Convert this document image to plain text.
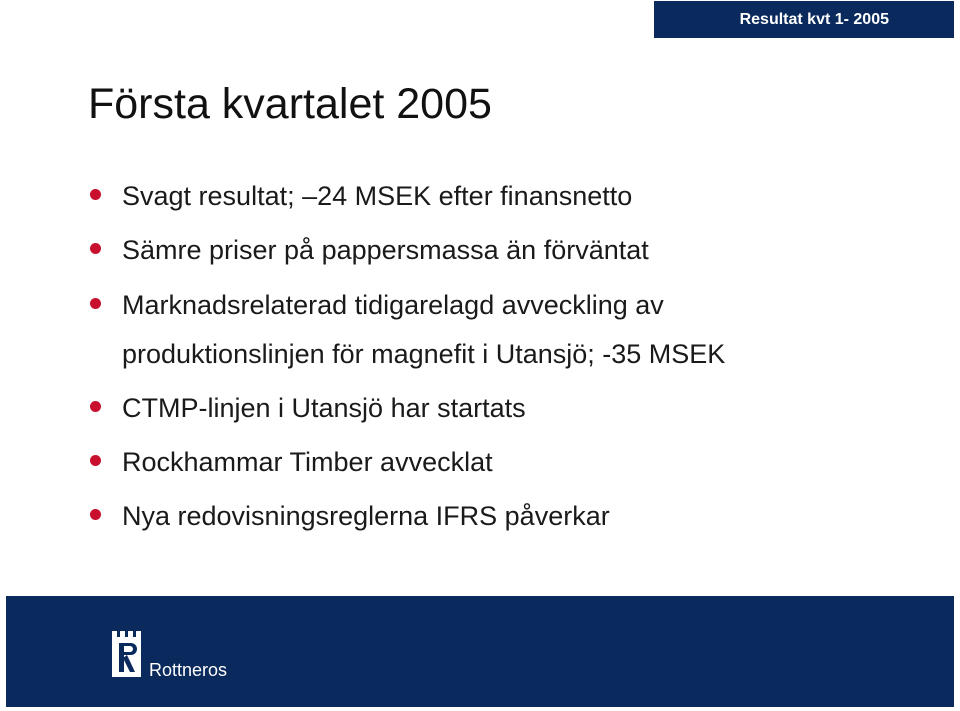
Resultat kvt 1- 2005
Första kvartalet 2005
Svagt resultat; –24 MSEK efter finansnetto
Sämre priser på pappersmassa än förväntat
Marknadsrelaterad tidigarelagd avveckling av
produktionslinjen för magnefit i Utansjö; -35 MSEK
CTMP-linjen i Utansjö har startats
Rockhammar Timber avvecklat
Nya redovisningsreglerna IFRS påverkar
Rottneros
